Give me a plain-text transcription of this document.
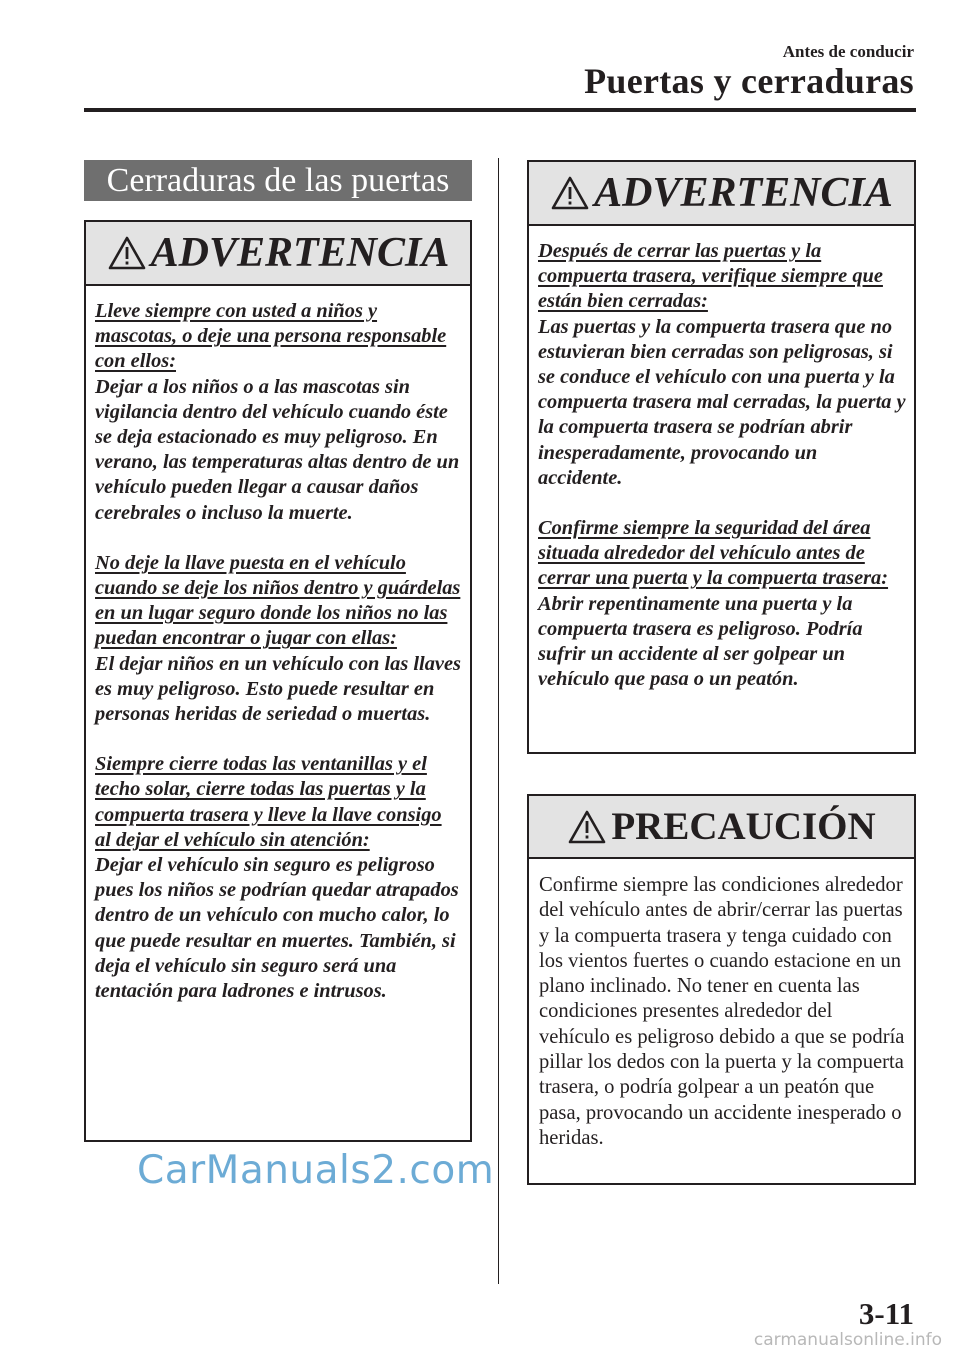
Antes de conducir
Puertas y cerraduras
Cerraduras de las puertas
ADVERTENCIA
Lleve siempre con usted a niños y mascotas, o deje una persona responsable con ellos:
Dejar a los niños o a las mascotas sin vigilancia dentro del vehículo cuando éste se deja estacionado es muy peligroso. En verano, las temperaturas altas dentro de un vehículo pueden llegar a causar daños cerebrales o incluso la muerte.
No deje la llave puesta en el vehículo cuando se deje los niños dentro y guárdelas en un lugar seguro donde los niños no las puedan encontrar o jugar con ellas:
El dejar niños en un vehículo con las llaves es muy peligroso. Esto puede resultar en personas heridas de seriedad o muertas.
Siempre cierre todas las ventanillas y el techo solar, cierre todas las puertas y la compuerta trasera y lleve la llave consigo al dejar el vehículo sin atención:
Dejar el vehículo sin seguro es peligroso pues los niños se podrían quedar atrapados dentro de un vehículo con mucho calor, lo que puede resultar en muertes. También, si deja el vehículo sin seguro será una tentación para ladrones e intrusos.
ADVERTENCIA
Después de cerrar las puertas y la compuerta trasera, verifique siempre que están bien cerradas:
Las puertas y la compuerta trasera que no estuvieran bien cerradas son peligrosas, si se conduce el vehículo con una puerta y la compuerta trasera mal cerradas, la puerta y la compuerta trasera se podrían abrir inesperadamente, provocando un accidente.
Confirme siempre la seguridad del área situada alrededor del vehículo antes de cerrar una puerta y la compuerta trasera:
Abrir repentinamente una puerta y la compuerta trasera es peligroso. Podría sufrir un accidente al ser golpear un vehículo que pasa o un peatón.
PRECAUCIÓN
Confirme siempre las condiciones alrededor del vehículo antes de abrir/cerrar las puertas y la compuerta trasera y tenga cuidado con los vientos fuertes o cuando estacione en un plano inclinado. No tener en cuenta las condiciones presentes alrededor del vehículo es peligroso debido a que se podría pillar los dedos con la puerta y la compuerta trasera, o podría golpear a un peatón que pasa, provocando un accidente inesperado o heridas.
CarManuals2.com
3-11
carmanualsonline.info
